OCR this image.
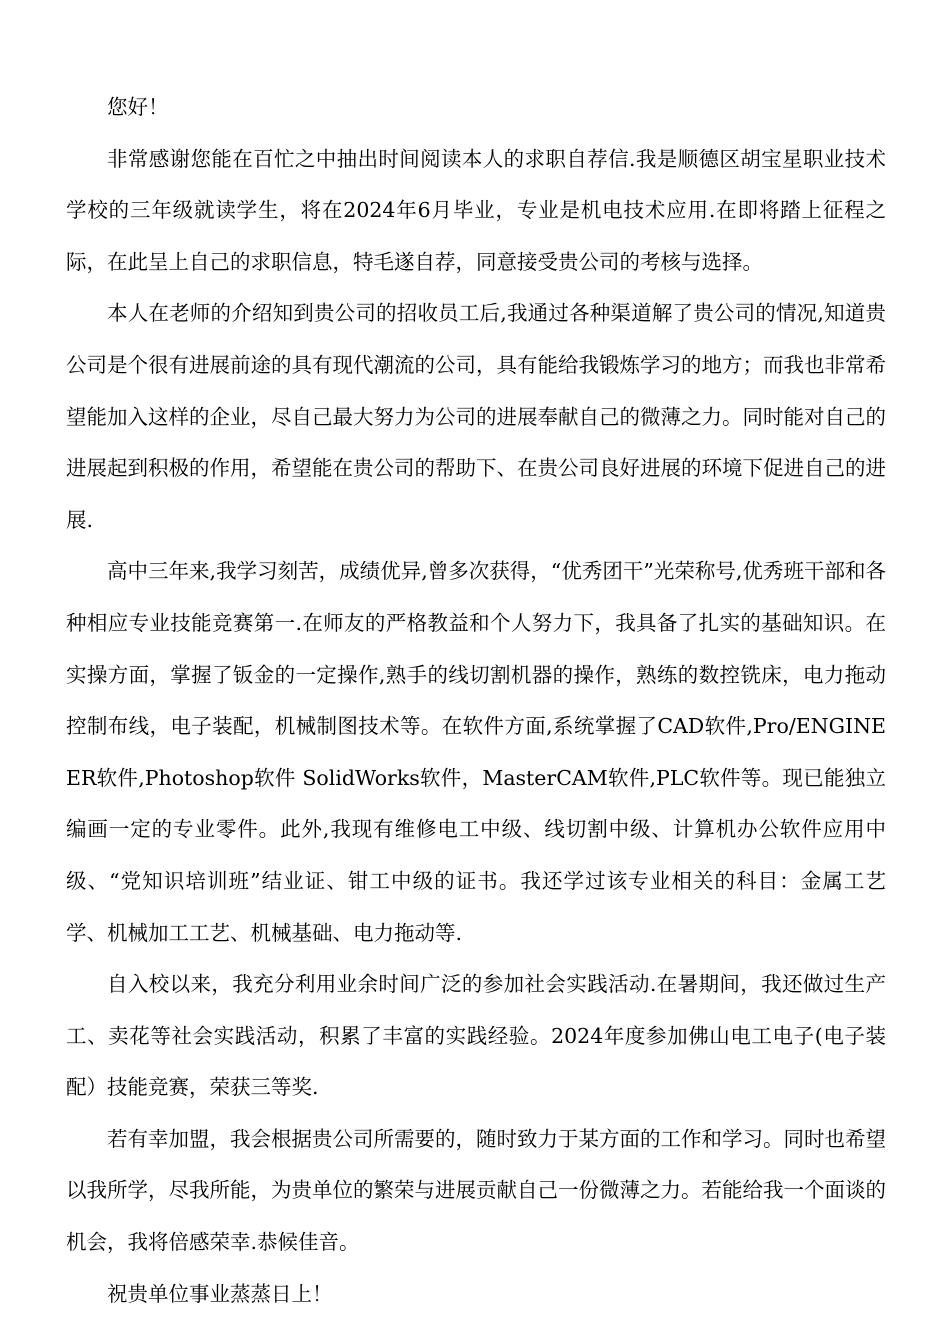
您好！

非常感谢您能在百忙之中抽出时间阅读本人的求职自荐信.我是顺德区胡宝星职业技术学校的三年级就读学生，将在2024年6月毕业，专业是机电技术应用.在即将踏上征程之际，在此呈上自己的求职信息，特毛遂自荐，同意接受贵公司的考核与选择。

本人在老师的介绍知到贵公司的招收员工后,我通过各种渠道解了贵公司的情况,知道贵公司是个很有进展前途的具有现代潮流的公司，具有能给我锻炼学习的地方；而我也非常希望能加入这样的企业，尽自己最大努力为公司的进展奉献自己的微薄之力。同时能对自己的进展起到积极的作用，希望能在贵公司的帮助下、在贵公司良好进展的环境下促进自己的进展.

高中三年来,我学习刻苦，成绩优异,曾多次获得，“优秀团干”光荣称号,优秀班干部和各种相应专业技能竞赛第一.在师友的严格教益和个人努力下，我具备了扎实的基础知识。在实操方面，掌握了钣金的一定操作,熟手的线切割机器的操作，熟练的数控铣床，电力拖动控制布线，电子装配，机械制图技术等。在软件方面,系统掌握了CAD软件,Pro/ENGINEER软件,Photoshop软件 SolidWorks软件，MasterCAM软件,PLC软件等。现已能独立编画一定的专业零件。此外,我现有维修电工中级、线切割中级、计算机办公软件应用中级、“党知识培训班”结业证、钳工中级的证书。我还学过该专业相关的科目：金属工艺学、机械加工工艺、机械基础、电力拖动等.

自入校以来，我充分利用业余时间广泛的参加社会实践活动.在暑期间，我还做过生产工、卖花等社会实践活动，积累了丰富的实践经验。2024年度参加佛山电工电子(电子装配）技能竞赛，荣获三等奖.

若有幸加盟，我会根据贵公司所需要的，随时致力于某方面的工作和学习。同时也希望以我所学，尽我所能，为贵单位的繁荣与进展贡献自己一份微薄之力。若能给我一个面谈的机会，我将倍感荣幸.恭候佳音。

祝贵单位事业蒸蒸日上！
